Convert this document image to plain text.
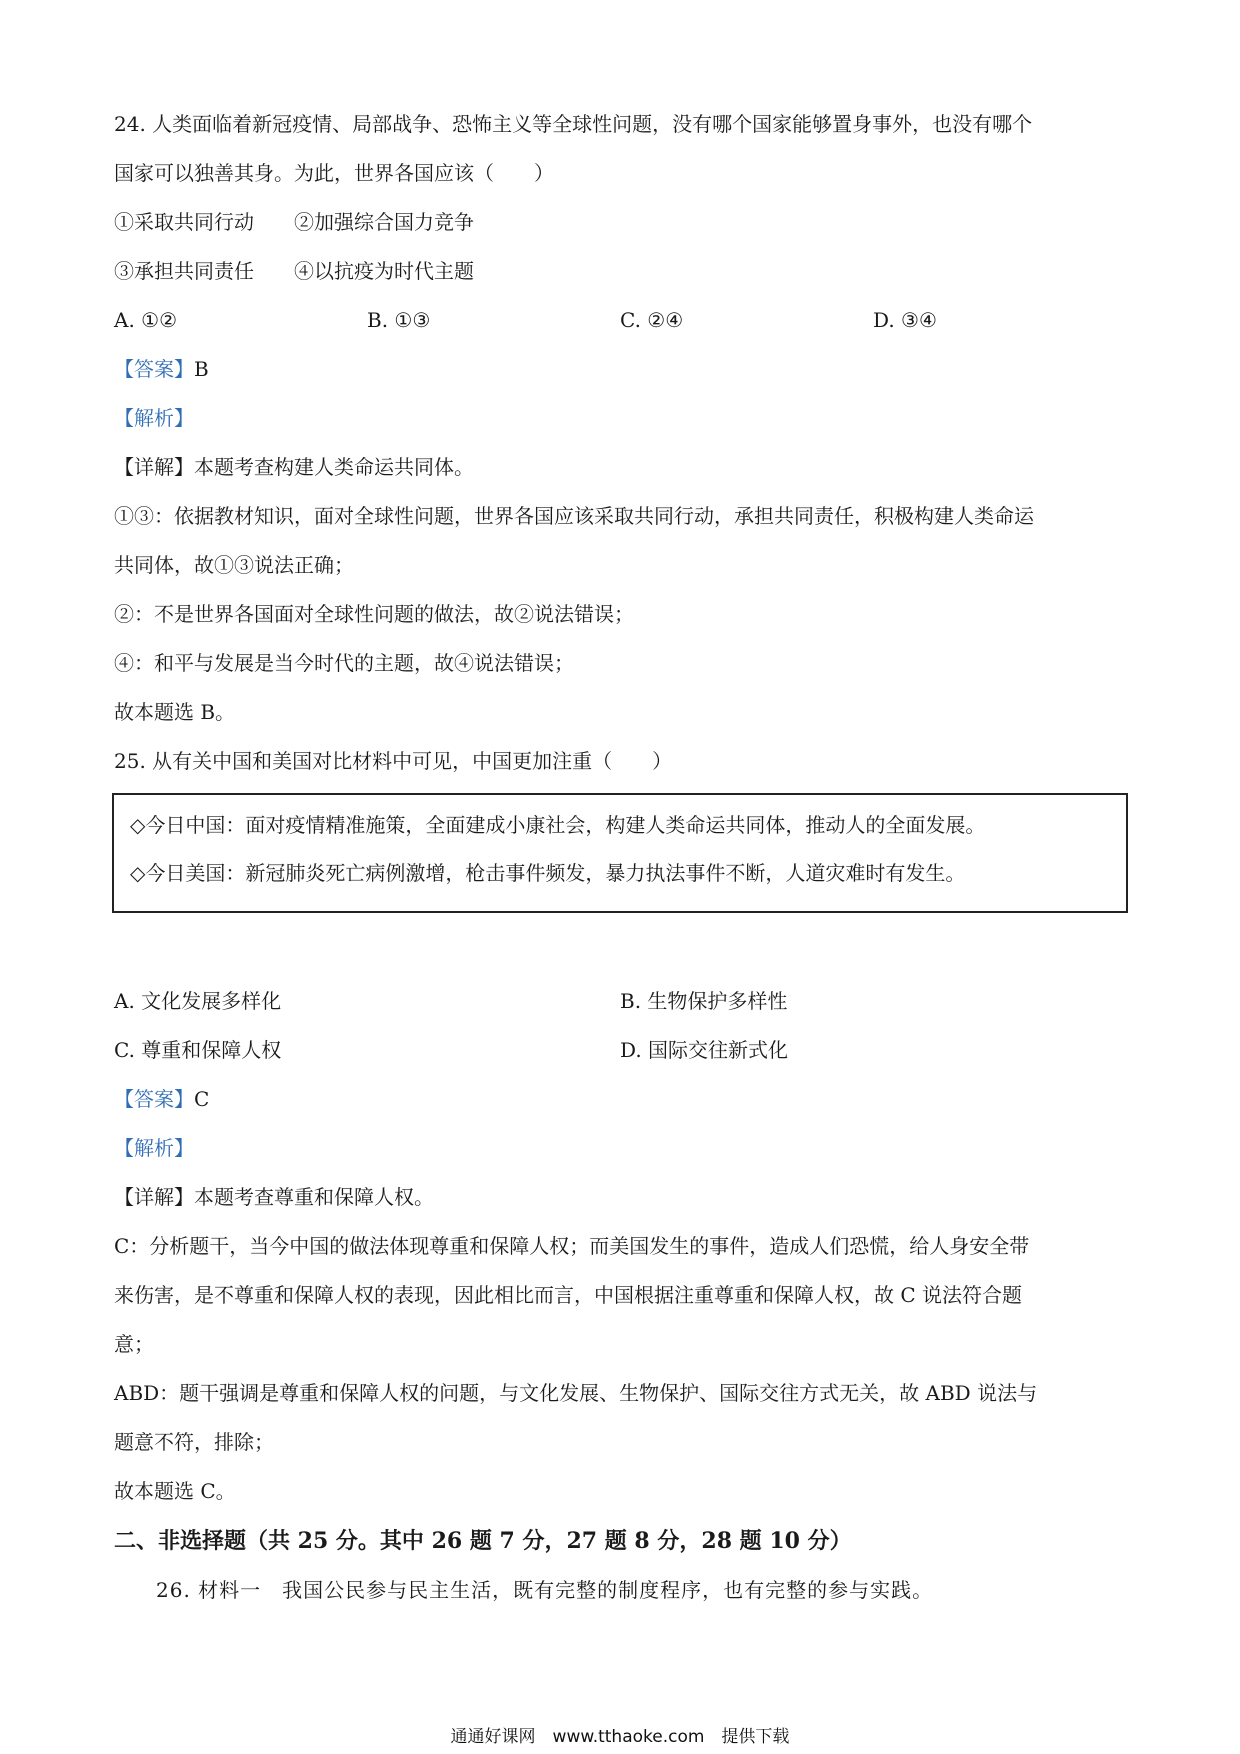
24. 人类面临着新冠疫情、局部战争、恐怖主义等全球性问题，没有哪个国家能够置身事外，也没有哪个
国家可以独善其身。为此，世界各国应该（　　）
①采取共同行动 ②加强综合国力竞争
③承担共同责任 ④以抗疫为时代主题
A. ①②	B. ①③	C. ②④	D. ③④
【答案】B
【解析】
【详解】本题考查构建人类命运共同体。
①③：依据教材知识，面对全球性问题，世界各国应该采取共同行动，承担共同责任，积极构建人类命运
共同体，故①③说法正确；
②：不是世界各国面对全球性问题的做法，故②说法错误；
④：和平与发展是当今时代的主题，故④说法错误；
故本题选 B。
25. 从有关中国和美国对比材料中可见，中国更加注重（　　）
◇今日中国：面对疫情精准施策，全面建成小康社会，构建人类命运共同体，推动人的全面发展。
◇今日美国：新冠肺炎死亡病例激增，枪击事件频发，暴力执法事件不断，人道灾难时有发生。
A. 文化发展多样化	B. 生物保护多样性
C. 尊重和保障人权	D. 国际交往新式化
【答案】C
【解析】
【详解】本题考查尊重和保障人权。
C：分析题干，当今中国的做法体现尊重和保障人权；而美国发生的事件，造成人们恐慌，给人身安全带
来伤害，是不尊重和保障人权的表现，因此相比而言，中国根据注重尊重和保障人权，故 C 说法符合题
意；
ABD：题干强调是尊重和保障人权的问题，与文化发展、生物保护、国际交往方式无关，故 ABD 说法与
题意不符，排除；
故本题选 C。
二、非选择题（共 25 分。其中 26 题 7 分，27 题 8 分，28 题 10 分）
26. 材料一　我国公民参与民主生活，既有完整的制度程序，也有完整的参与实践。
通通好课网　www.tthaoke.com　提供下载
